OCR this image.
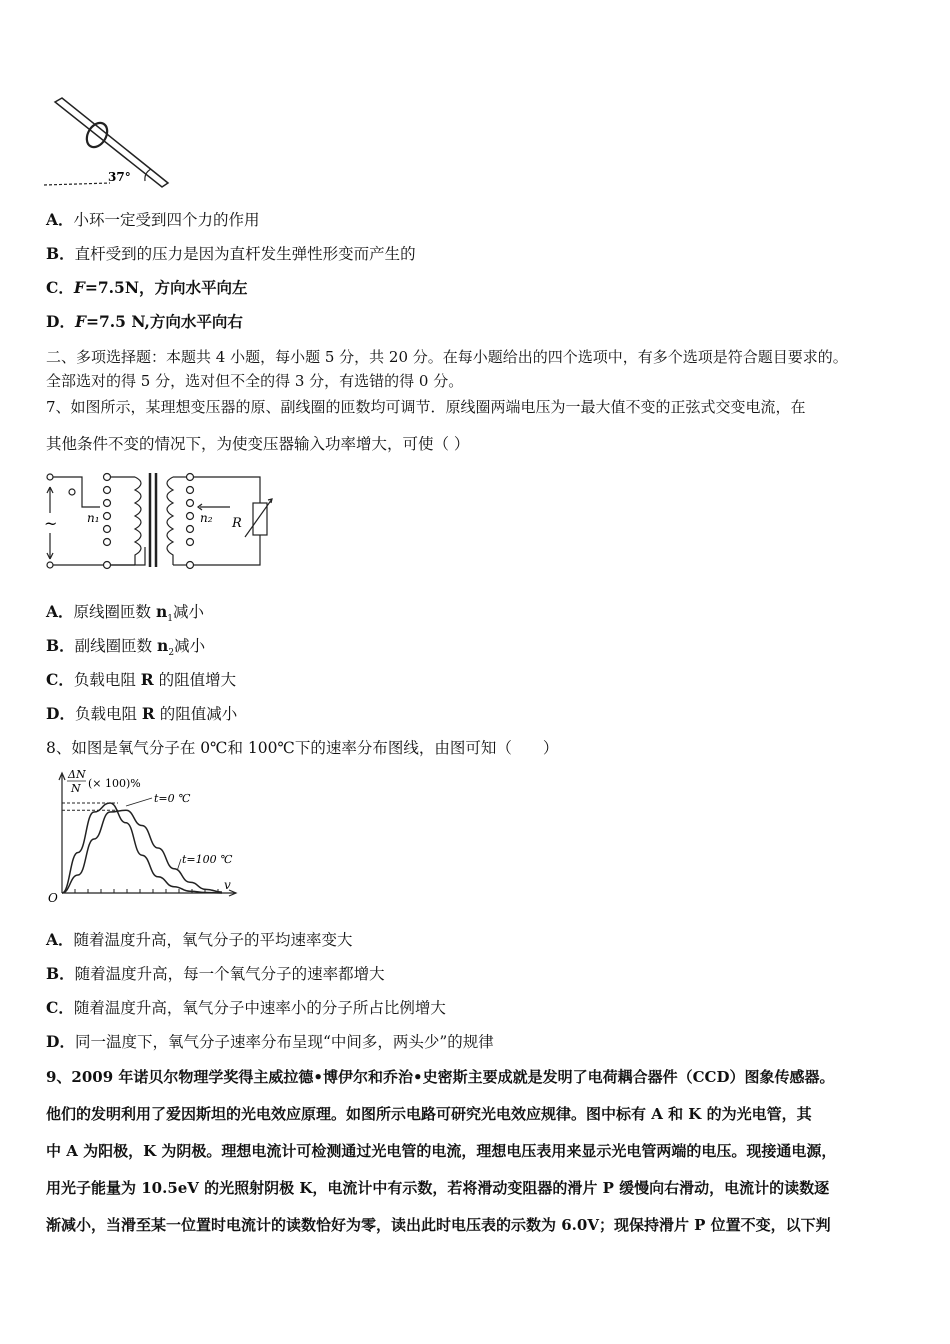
37°
A．小环一定受到四个力的作用
B．直杆受到的压力是因为直杆发生弹性形变而产生的
C．F=7.5N，方向水平向左
D．F=7.5 N,方向水平向右
二、多项选择题：本题共 4 小题，每小题 5 分，共 20 分。在每小题给出的四个选项中，有多个选项是符合题目要求的。
全部选对的得 5 分，选对但不全的得 3 分，有选错的得 0 分。
7、如图所示，某理想变压器的原、副线圈的匝数均可调节．原线圈两端电压为一最大值不变的正弦式交变电流，在
其他条件不变的情况下，为使变压器输入功率增大，可使（ ）
~ n₁	n₂ R
A．原线圈匝数 $n_1$减小
B．副线圈匝数 $n_2$减小
C．负载电阻 R 的阻值增大
D．负载电阻 R 的阻值减小
8、如图是氧气分子在 0℃和 100℃下的速率分布图线，由图可知（　　）
ΔN
N (× 100)%
v
O
t=0 ℃
t=100 ℃
A．随着温度升高，氧气分子的平均速率变大
B．随着温度升高，每一个氧气分子的速率都增大
C．随着温度升高，氧气分子中速率小的分子所占比例增大
D．同一温度下，氧气分子速率分布呈现“中间多，两头少”的规律
9、2009 年诺贝尔物理学奖得主威拉德•博伊尔和乔治•史密斯主要成就是发明了电荷耦合器件（CCD）图象传感器。
他们的发明利用了爱因斯坦的光电效应原理。如图所示电路可研究光电效应规律。图中标有 A 和 K 的为光电管，其
中 A 为阳极，K 为阴极。理想电流计可检测通过光电管的电流，理想电压表用来显示光电管两端的电压。现接通电源，
用光子能量为 10.5eV 的光照射阴极 K，电流计中有示数，若将滑动变阻器的滑片 P 缓慢向右滑动，电流计的读数逐
渐减小，当滑至某一位置时电流计的读数恰好为零，读出此时电压表的示数为 6.0V；现保持滑片 P 位置不变，以下判
